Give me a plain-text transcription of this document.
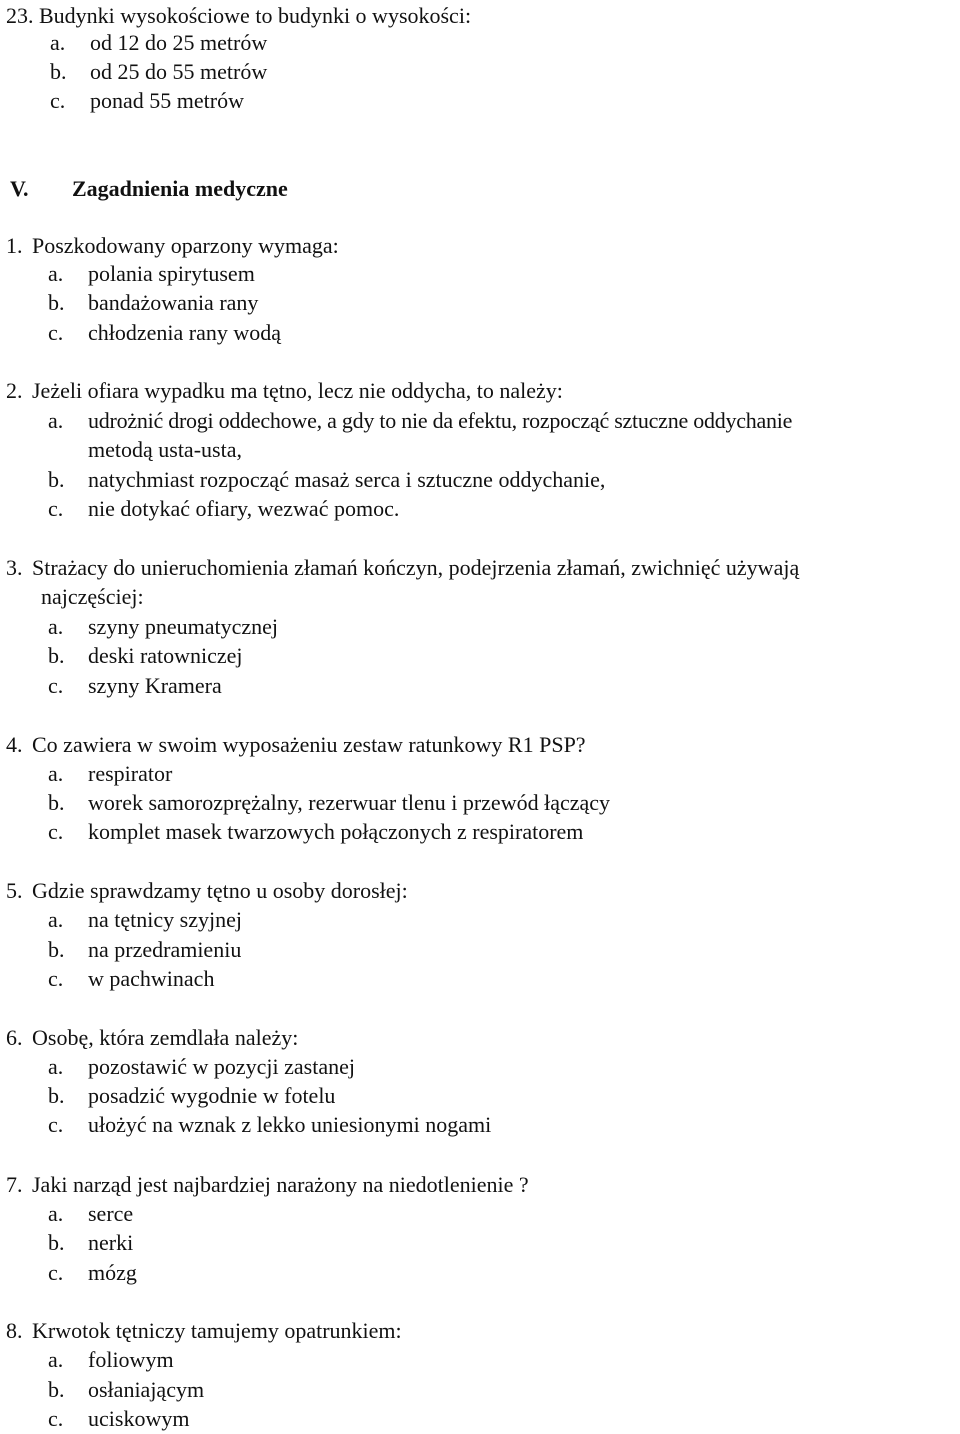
23. Budynki wysokościowe to budynki o wysokości:
a. od 12 do 25 metrów
b. od 25 do 55 metrów
c. ponad 55 metrów
V. Zagadnienia medyczne
1. Poszkodowany oparzony wymaga:
a. polania spirytusem
b. bandażowania rany
c. chłodzenia rany wodą
2. Jeżeli ofiara wypadku ma tętno, lecz nie oddycha, to należy:
a. udrożnić drogi oddechowe, a gdy to nie da efektu, rozpocząć sztuczne oddychanie
metodą usta-usta,
b. natychmiast rozpocząć masaż serca i sztuczne oddychanie,
c. nie dotykać ofiary, wezwać pomoc.
3. Strażacy do unieruchomienia złamań kończyn, podejrzenia złamań, zwichnięć używają
najczęściej:
a. szyny pneumatycznej
b. deski ratowniczej
c. szyny Kramera
4. Co zawiera w swoim wyposażeniu zestaw ratunkowy R1 PSP?
a. respirator
b. worek samorozprężalny, rezerwuar tlenu i przewód łączący
c. komplet masek twarzowych połączonych z respiratorem
5. Gdzie sprawdzamy tętno u osoby dorosłej:
a. na tętnicy szyjnej
b. na przedramieniu
c. w pachwinach
6. Osobę, która zemdlała należy:
a. pozostawić w pozycji zastanej
b. posadzić wygodnie w fotelu
c. ułożyć na wznak z lekko uniesionymi nogami
7. Jaki narząd jest najbardziej narażony na niedotlenienie ?
a. serce
b. nerki
c. mózg
8. Krwotok tętniczy tamujemy opatrunkiem:
a. foliowym
b. osłaniającym
c. uciskowym
